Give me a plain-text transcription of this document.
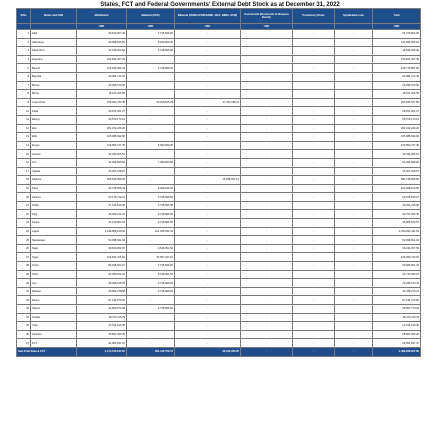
States, FCT and Federal Governments' External Debt Stock as at December 31, 2022
S/No	States and FGN	Multilateral	Bilateral (AFD)	Bilateral (CHINA EXIM BANK, JICA, INDIA, KFW)	Commercial (Eurobonds & Diaspora Bonds)	Promissory Notes	Syndicated Loan	Total
		USD	USD	USD	USD			USD
1	Abia	90,542,907.40	3,736,896.66	-	-	-	-	94,279,804.06
2	Adamawa	99,694,525.81	5,200,000.00	-	-	-	-	104,894,525.81
3	Akwa Ibom	41,109,423.64	3,736,896.66	-	-	-	-	44,846,320.30
4	Anambra	103,824,427.39	-	-	-	-	-	103,824,427.39
5	Bauchi	162,042,691.29	3,736,896.66	-	-	-	-	165,779,587.95
6	Bayelsa	60,384,724.44	-	-	-	-	-	60,384,724.44
7	Benue	29,939,979.60	-	-	-	-	-	29,939,979.60
8	Borno	18,101,406.65	-	-	-	-	-	18,101,406.65
9	Cross River	159,062,763.45	53,220,845.29	17,242,069.11	-	-	-	229,525,677.85
10	Delta	59,871,451.27	-	-	-	-	-	59,871,451.27
11	Ebonyi	59,570,170.14	-	-	-	-	-	59,570,170.14
12	Edo	261,153,246.26	-	-	-	-	-	261,153,246.26
13	Ekiti	105,988,932.96	-	-	-	-	-	105,988,932.96
14	Enugu	115,950,747.36	5,000,000.00	-	-	-	-	120,950,747.36
15	Gombe	32,492,206.51	-	-	-	-	-	32,492,206.51
16	Imo	44,094,688.60	7,000,000.00	-	-	-	-	51,094,688.60
17	Jigawa	26,307,018.67	-	-	-	-	-	26,307,018.67
18	Kaduna	569,649,659.52	-	13,098,397.14	-	-	-	582,748,056.66
19	Kano	93,728,056.33	6,940,549.49	-	-	-	-	100,668,105.82
20	Katsina	50,179,739.41	3,736,896.66	-	-	-	-	53,916,636.07
21	Kebbi	37,194,849.32	3,736,896.66	-	-	-	-	40,931,745.98
22	Kogi	49,060,159.70	3,736,896.66	-	-	-	-	52,797,056.36
23	Kwara	41,129,682.91	3,736,896.66	-	-	-	-	44,866,579.57
24	Lagos	1,148,808,219.00	101,453,292.44	-	-	-	-	1,250,261,511.63
25	Nassarawa	52,998,091.94	-	-	-	-	-	52,998,091.94
26	Niger	59,819,062.97	9,615,394.62	-	-	-	-	69,434,457.59
27	Ogun	103,602,415.92	32,657,327.10	-	-	-	-	136,259,743.02
28	Ondo	86,945,604.67	3,736,896.66	-	-	-	-	90,682,501.33
29	Osun	82,359,402.44	9,419,991.53	-	-	-	-	91,779,393.97
30	Oyo	68,499,226.78	3,736,896.66	-	-	-	-	72,236,123.44
31	Plateau	28,052,378.58	3,736,896.66	-	-	-	-	31,789,275.24
32	Rivers	87,134,070.96	-	-	-	-	-	87,134,070.96
33	Sokoto	32,820,873.38	3,736,896.66	-	-	-	-	36,557,770.04
34	Taraba	48,470,115.79	-	-	-	-	-	48,470,115.79
35	Yobe	22,514,196.36	-	-	-	-	-	22,514,196.36
36	Zamfara	28,861,053.20	-	-	-	-	-	28,861,053.20
37	FCT	24,951,837.47	-	-	-	-	-	24,951,837.47
Sub-Total State & FCT		4,174,515,187.87	281,412,752.73	30,340,466.25	-	-	-	4,486,268,407.85
